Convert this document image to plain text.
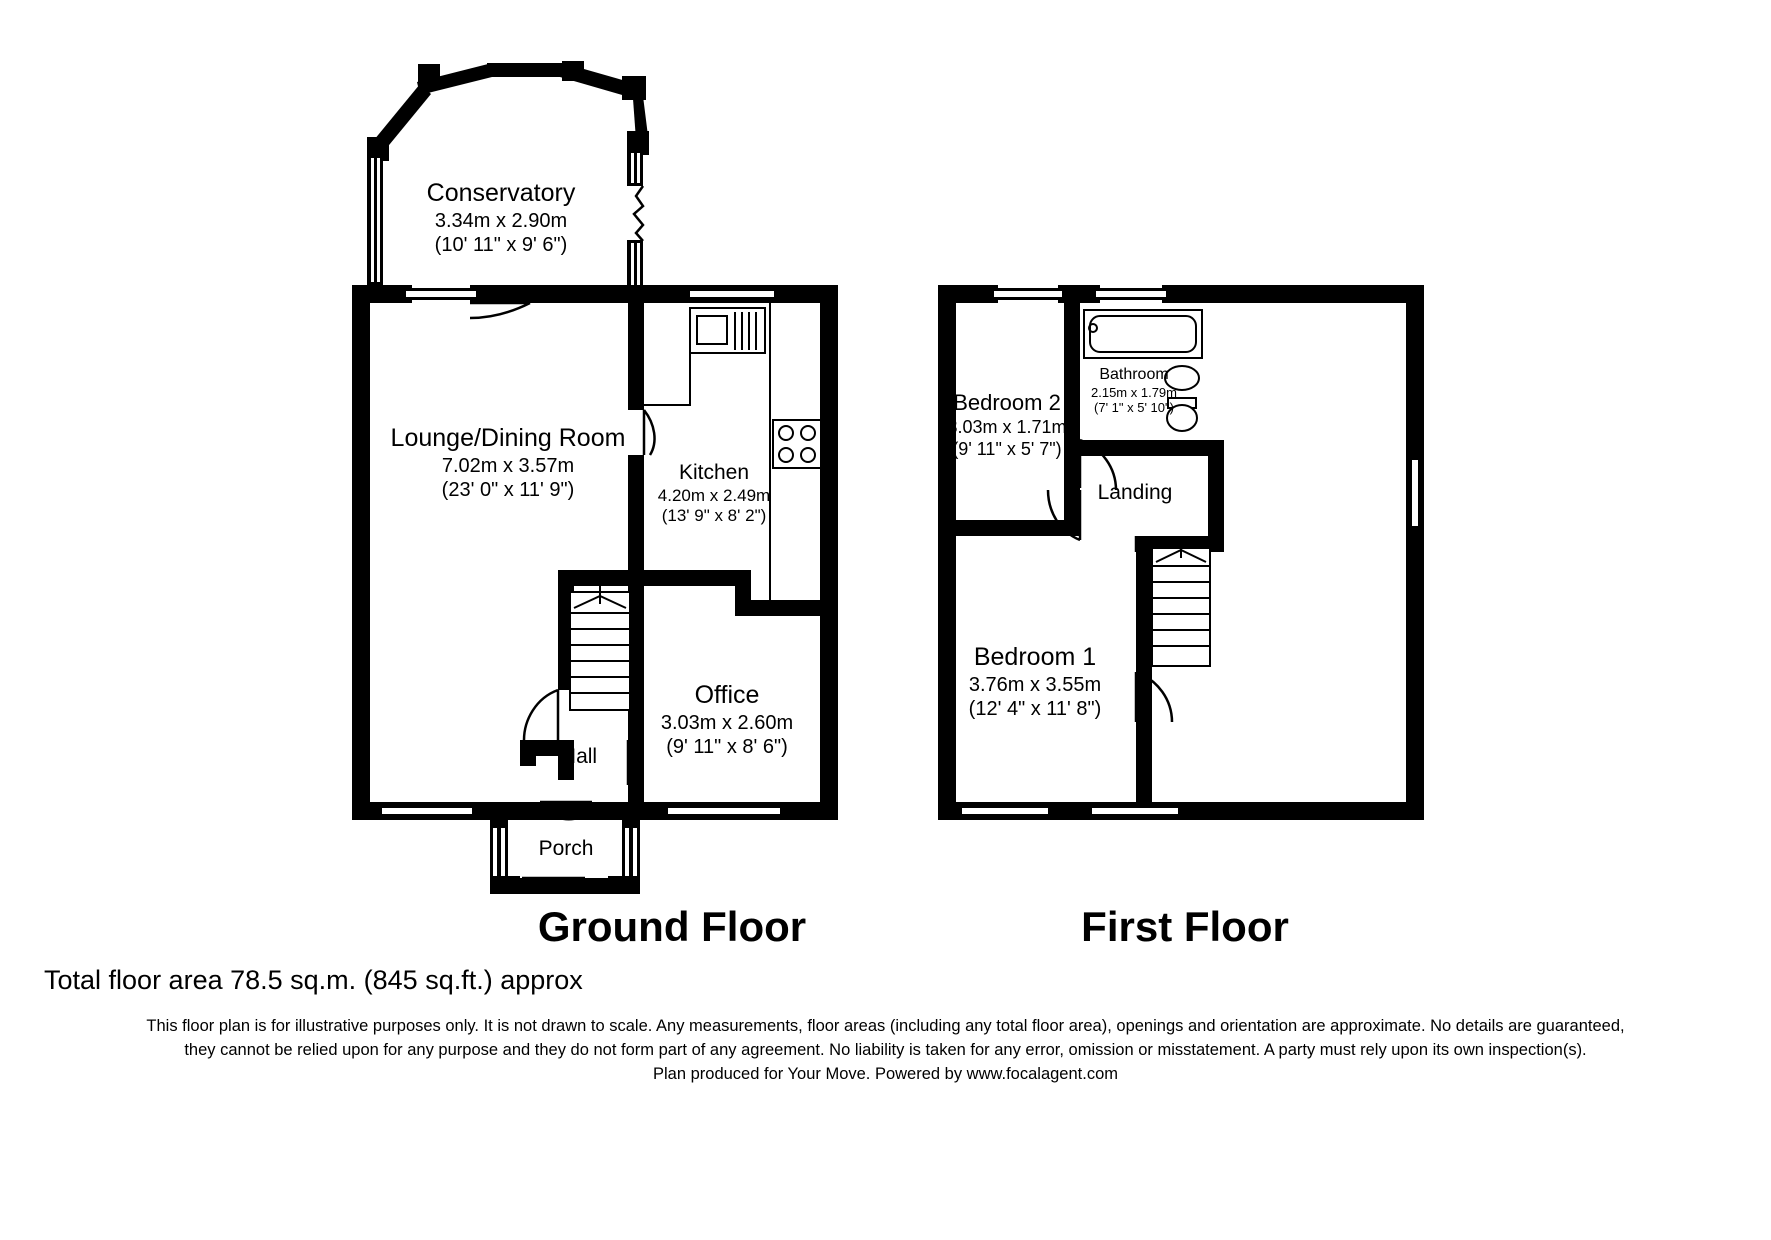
Conservatory
3.34m x 2.90m
(10' 11" x 9' 6")
Lounge/Dining Room
7.02m x 3.57m
(23' 0" x 11' 9")
Kitchen
4.20m x 2.49m
(13' 9" x 8' 2")
Office
3.03m x 2.60m
(9' 11" x 8' 6")
Hall
Porch
Bedroom 2
3.03m x 1.71m
(9' 11" x 5' 7")
Bathroom
2.15m x 1.79m
(7' 1" x 5' 10")
Landing
Bedroom 1
3.76m x 3.55m
(12' 4" x 11' 8")
Ground Floor	First Floor
Total floor area 78.5 sq.m. (845 sq.ft.) approx
This floor plan is for illustrative purposes only. It is not drawn to scale. Any measurements, floor areas (including any total floor area), openings and orientation are approximate. No details are guaranteed,
they cannot be relied upon for any purpose and they do not form part of any agreement. No liability is taken for any error, omission or misstatement. A party must rely upon its own inspection(s).
Plan produced for Your Move. Powered by www.focalagent.com
